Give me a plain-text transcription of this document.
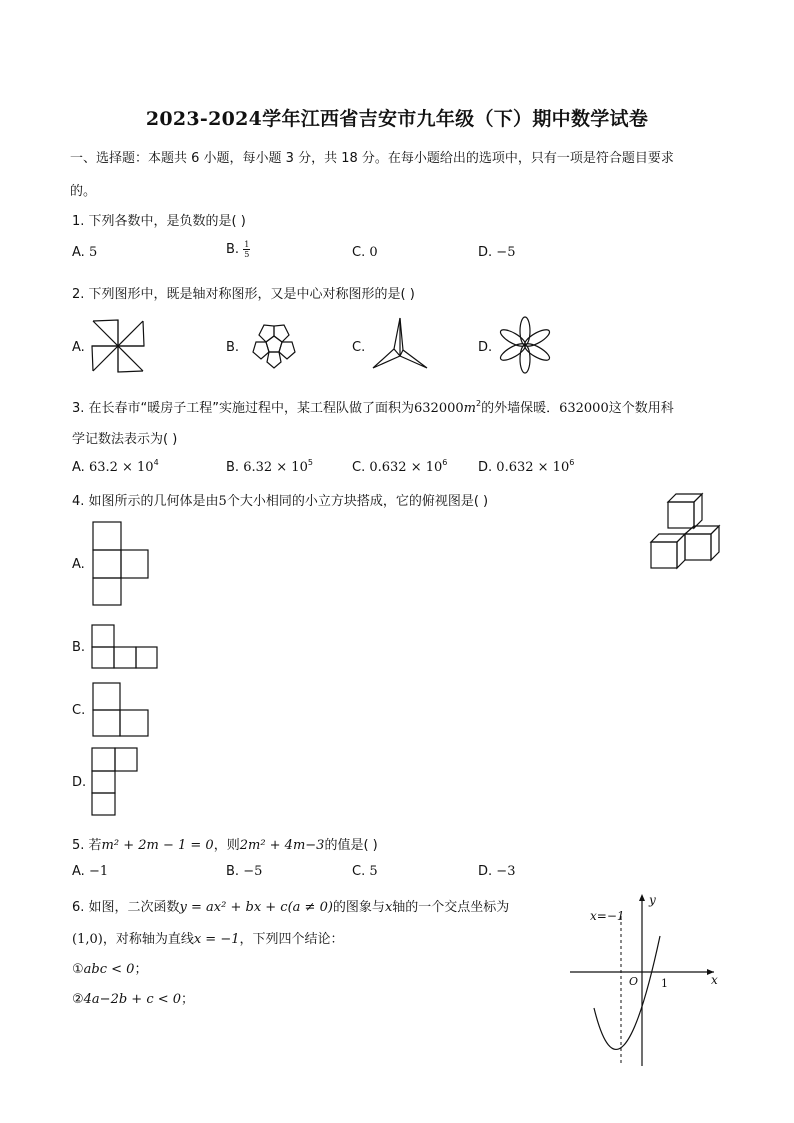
2023-2024学年江西省吉安市九年级（下）期中数学试卷
一、选择题：本题共 6 小题，每小题 3 分，共 18 分。在每小题给出的选项中，只有一项是符合题目要求
的。
1. 下列各数中，是负数的是( )
A. 5	B. $\frac{1}{5}$	C. 0	D. −5
2. 下列图形中，既是轴对称图形，又是中心对称图形的是( )
A.	B.	C.	D.
3. 在长春市“暖房子工程”实施过程中，某工程队做了面积为$632000m^2$的外墙保暖．632000这个数用科
学记数法表示为( )
A. $63.2 \times 10^4$	B. $6.32 \times 10^5$	C. $0.632 \times 10^6$ D. $0.632 \times 10^6$
4. 如图所示的几何体是由5个大小相同的小立方块搭成，它的俯视图是( )
A.
B.
C.
D.
5. 若m² + 2m − 1 = 0，则2m² + 4m−3的值是( )
A. −1	B. −5	C. 5	D. −3
6. 如图，二次函数y = ax² + bx + c(a ≠ 0)的图象与x轴的一个交点坐标为
(1,0)，对称轴为直线x = −1，下列四个结论：
①abc < 0；
②4a−2b + c < 0；
x=−1
y
x
O 1
